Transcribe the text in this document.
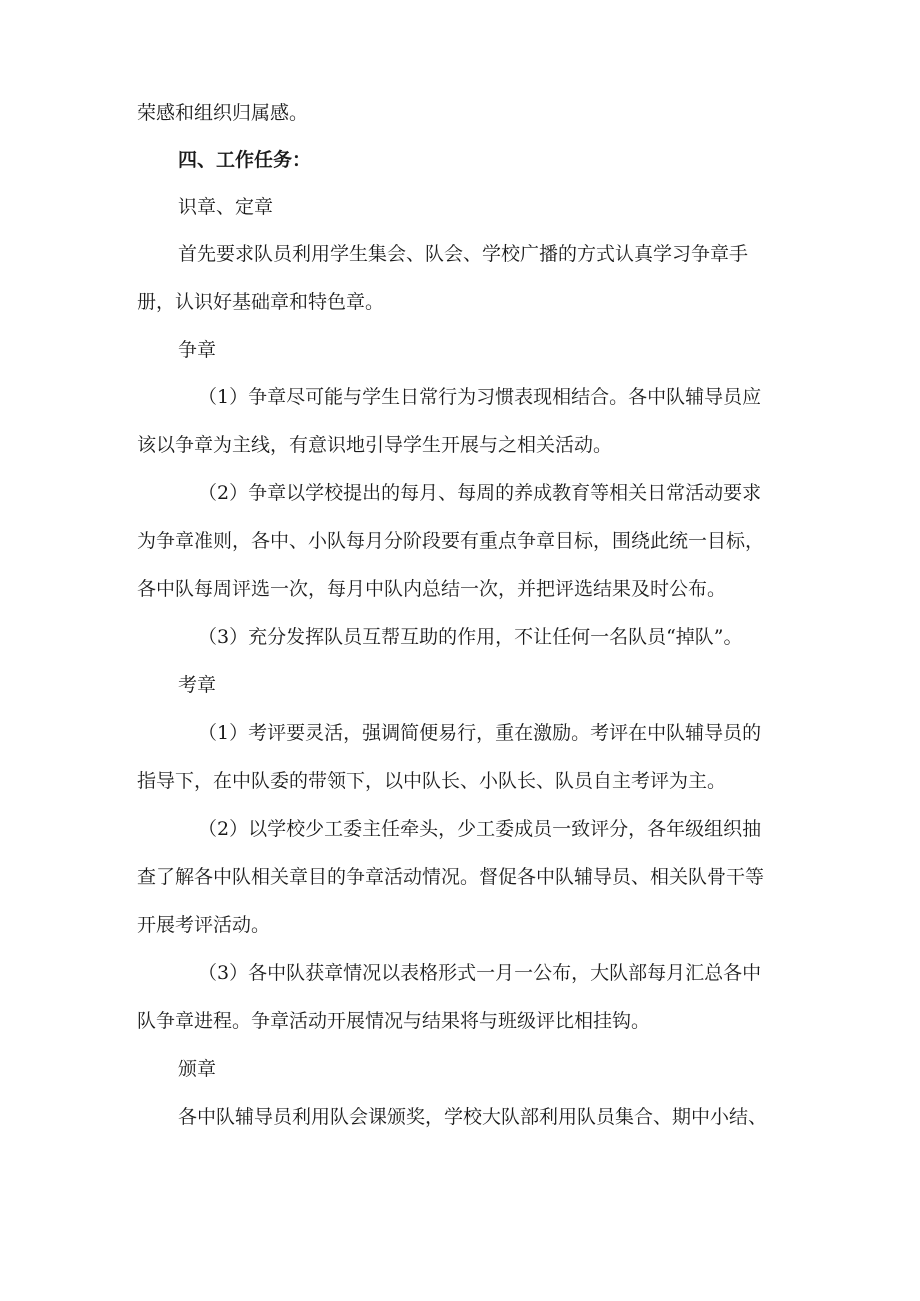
荣感和组织归属感。
四、工作任务：
识章、定章
首先要求队员利用学生集会、队会、学校广播的方式认真学习争章手
册，认识好基础章和特色章。
争章
（1）争章尽可能与学生日常行为习惯表现相结合。各中队辅导员应
该以争章为主线，有意识地引导学生开展与之相关活动。
（2）争章以学校提出的每月、每周的养成教育等相关日常活动要求
为争章准则，各中、小队每月分阶段要有重点争章目标，围绕此统一目标，
各中队每周评选一次，每月中队内总结一次，并把评选结果及时公布。
（3）充分发挥队员互帮互助的作用，不让任何一名队员“掉队”。
考章
（1）考评要灵活，强调简便易行，重在激励。考评在中队辅导员的
指导下，在中队委的带领下，以中队长、小队长、队员自主考评为主。
（2）以学校少工委主任牵头，少工委成员一致评分，各年级组织抽
查了解各中队相关章目的争章活动情况。督促各中队辅导员、相关队骨干等
开展考评活动。
（3）各中队获章情况以表格形式一月一公布，大队部每月汇总各中
队争章进程。争章活动开展情况与结果将与班级评比相挂钩。
颁章
各中队辅导员利用队会课颁奖，学校大队部利用队员集合、期中小结、
